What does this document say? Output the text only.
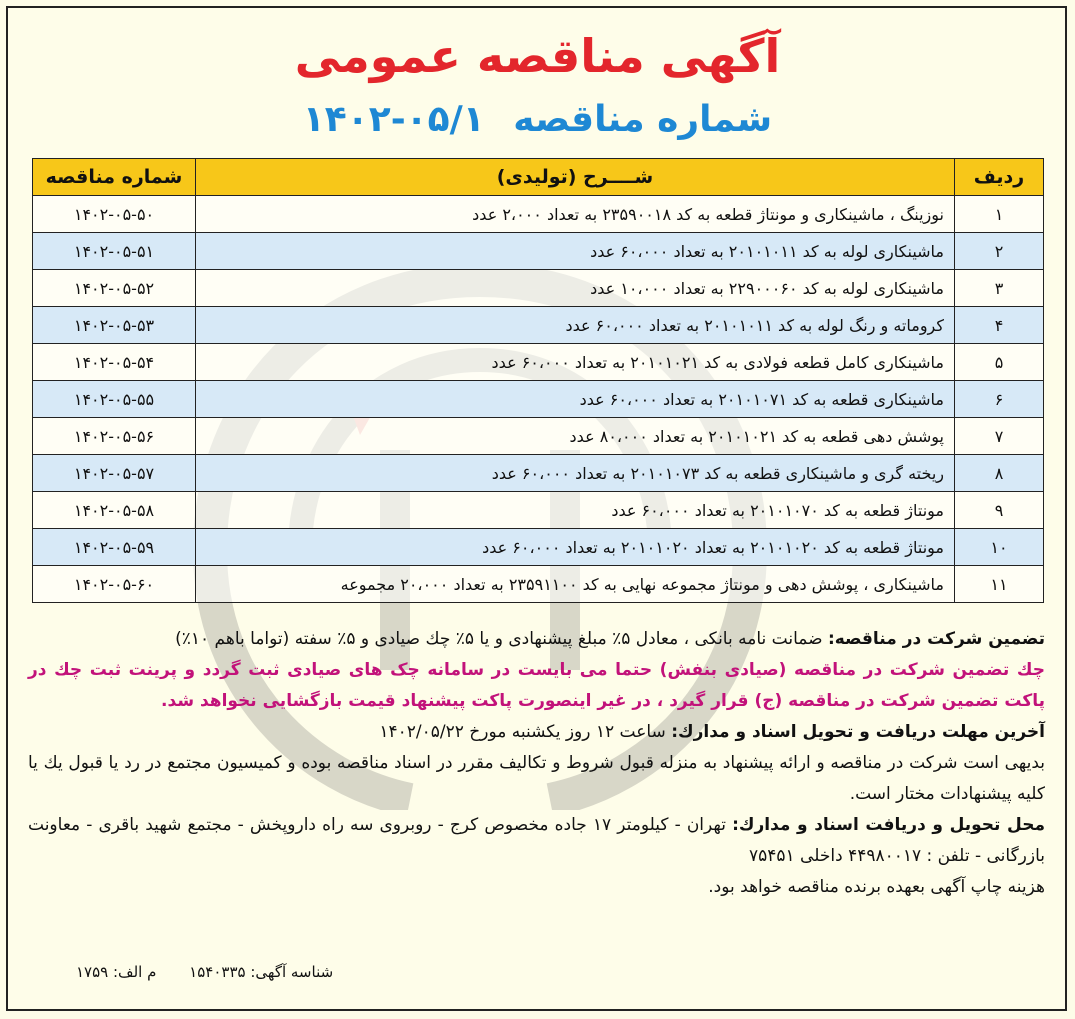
آگهی مناقصه عمومی
شماره مناقصه ۱۴۰۲-۰۵/۱
ردیف	شــــرح (تولیدی)	شماره مناقصه
۱	نوزینگ ، ماشینکاری و مونتاژ قطعه به کد ۲۳۵۹۰۰۱۸ به تعداد ۲،۰۰۰ عدد	۱۴۰۲-۰۵-۵۰
۲	ماشینکاری لوله به کد ۲۰۱۰۱۰۱۱ به تعداد ۶۰،۰۰۰ عدد	۱۴۰۲-۰۵-۵۱
۳	ماشینکاری لوله به کد ۲۲۹۰۰۰۶۰ به تعداد ۱۰،۰۰۰ عدد	۱۴۰۲-۰۵-۵۲
۴	کروماته و رنگ لوله به کد ۲۰۱۰۱۰۱۱ به تعداد ۶۰،۰۰۰ عدد	۱۴۰۲-۰۵-۵۳
۵	ماشینکاری کامل قطعه فولادی به کد ۲۰۱۰۱۰۲۱ به تعداد ۶۰،۰۰۰ عدد	۱۴۰۲-۰۵-۵۴
۶	ماشینکاری قطعه به کد ۲۰۱۰۱۰۷۱ به تعداد ۶۰،۰۰۰ عدد	۱۴۰۲-۰۵-۵۵
۷	پوشش دهی قطعه به کد ۲۰۱۰۱۰۲۱ به تعداد ۸۰،۰۰۰ عدد	۱۴۰۲-۰۵-۵۶
۸	ریخته گری و ماشینکاری قطعه به کد ۲۰۱۰۱۰۷۳ به تعداد ۶۰،۰۰۰ عدد	۱۴۰۲-۰۵-۵۷
۹	مونتاژ قطعه به کد ۲۰۱۰۱۰۷۰ به تعداد ۶۰،۰۰۰ عدد	۱۴۰۲-۰۵-۵۸
۱۰	مونتاژ قطعه به کد ۲۰۱۰۱۰۲۰ به تعداد ۲۰۱۰۱۰۲۰ به تعداد ۶۰،۰۰۰ عدد	۱۴۰۲-۰۵-۵۹
۱۱	ماشینکاری ، پوشش دهی و مونتاژ مجموعه نهایی به کد ۲۳۵۹۱۱۰۰ به تعداد ۲۰،۰۰۰ مجموعه	۱۴۰۲-۰۵-۶۰

تضمین شرکت در مناقصه: ضمانت نامه بانکی ، معادل ۵٪ مبلغ پیشنهادی و یا ۵٪ چك صیادی و ۵٪ سفته (تواما باهم ۱۰٪)

چك تضمین شرکت در مناقصه (صیادی بنفش) حتما می بایست در سامانه چک های صیادی ثبت گردد و پرینت ثبت چك در پاکت تضمین شرکت در مناقصه (ج) قرار گیرد ، در غیر اینصورت پاکت پیشنهاد قیمت بازگشایی نخواهد شد.

آخرین مهلت دریافت و تحویل اسناد و مدارك: ساعت ۱۲ روز یکشنبه مورخ ۱۴۰۲/۰۵/۲۲

بدیهی است شرکت در مناقصه و ارائه پیشنهاد به منزله قبول شروط و تکالیف مقرر در اسناد مناقصه بوده و کمیسیون مجتمع در رد یا قبول یك یا کلیه پیشنهادات مختار است.

محل تحویل و دریافت اسناد و مدارك: تهران - کیلومتر ۱۷ جاده مخصوص کرج - روبروی سه راه داروپخش - مجتمع شهید باقری - معاونت بازرگانی - تلفن : ۴۴۹۸۰۰۱۷ داخلی ۷۵۴۵۱

هزینه چاپ آگهی بعهده برنده مناقصه خواهد بود.

شناسه آگهی: ۱۵۴۰۳۳۵ م الف: ۱۷۵۹
